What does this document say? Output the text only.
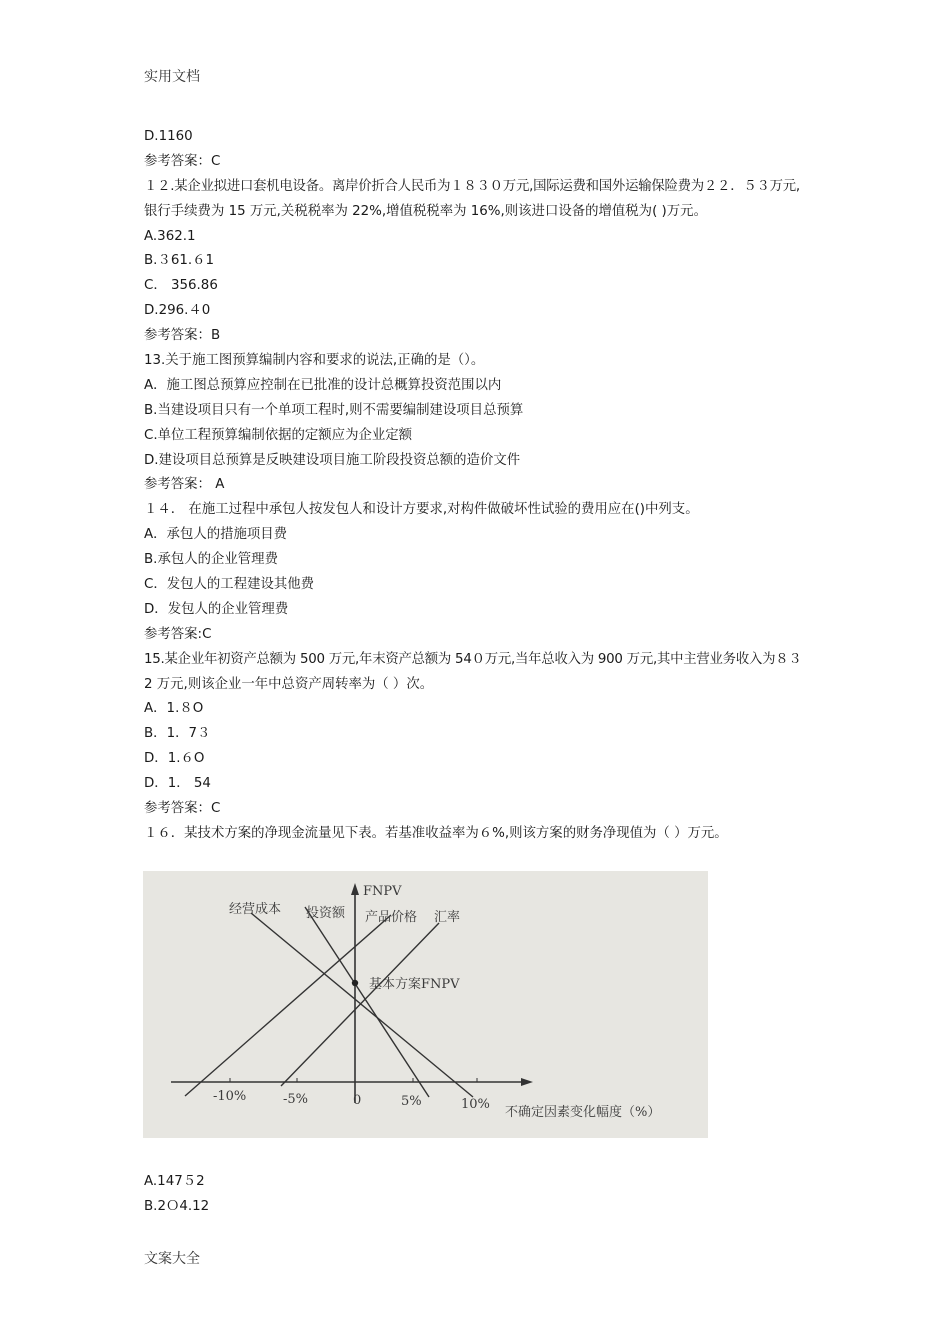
实用文档
D.1160
参考答案：C
１２.某企业拟进口套机电设备。离岸价折合人民币为１８３０万元,国际运费和国外运输保险费为２２．５３万元,
银行手续费为 15 万元,关税税率为 22%,增值税税率为 16%,则该进口设备的增值税为( )万元。
A.362.1
B.３61.６1
C． 356.86
D.296.４0
参考答案：B
13.关于施工图预算编制内容和要求的说法,正确的是（）。
A．施工图总预算应控制在已批准的设计总概算投资范围以内
B.当建设项目只有一个单项工程时,则不需要编制建设项目总预算
C.单位工程预算编制依据的定额应为企业定额
D.建设项目总预算是反映建设项目施工阶段投资总额的造价文件
参考答案： A
１４． 在施工过程中承包人按发包人和设计方要求,对构件做破坏性试验的费用应在()中列支。
A．承包人的措施项目费
B.承包人的企业管理费
C．发包人的工程建设其他费
D．发包人的企业管理费
参考答案:C
15.某企业年初资产总额为 500 万元,年末资产总额为 54０万元,当年总收入为 900 万元,其中主营业务收入为８３
2 万元,则该企业一年中总资产周转率为（ ）次。
A．1.８O
B．1．7３
D．1.６O
D．1． 54
参考答案：C
１６．某技术方案的净现金流量见下表。若基准收益率为６%,则该方案的财务净现值为（ ）万元。
FNPV
经营成本 投资额 产品价格 汇率
基本方案FNPV
-10%	-5%	0	5%	10%
不确定因素变化幅度（%）
A.147５2
B.2Ｏ4.12
文案大全
